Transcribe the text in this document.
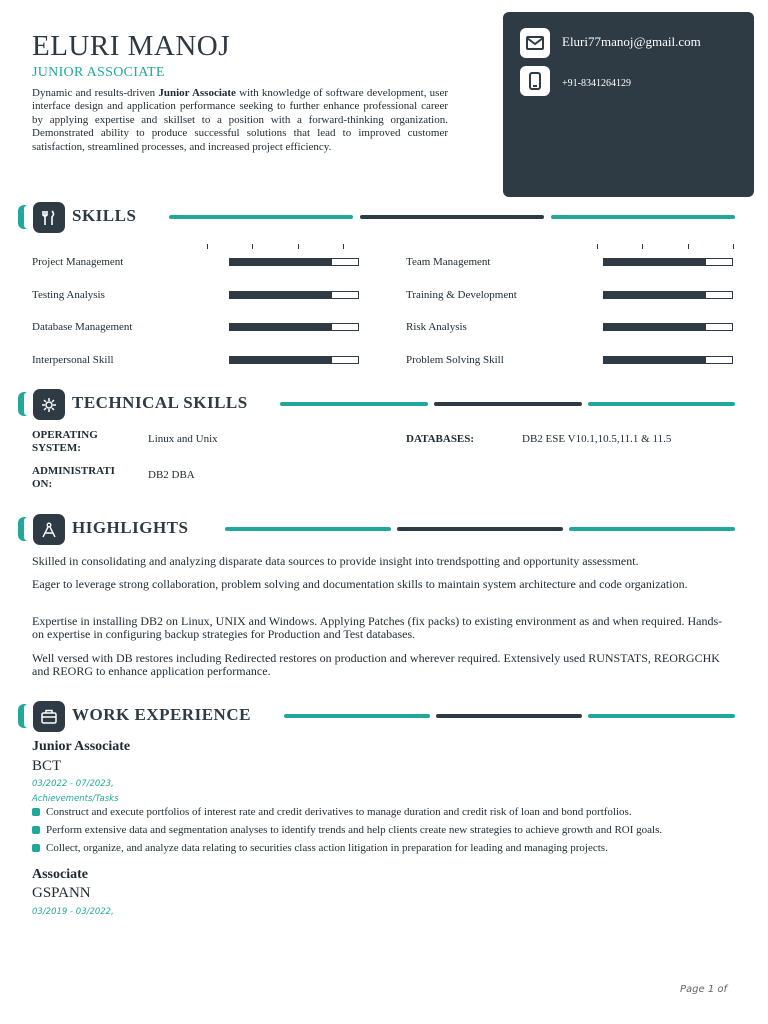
ELURI MANOJ
JUNIOR ASSOCIATE
Dynamic and results-driven Junior Associate with knowledge of software development, user interface design and application performance seeking to further enhance professional career by applying expertise and skillset to a position with a forward-thinking organization. Demonstrated ability to produce successful solutions that lead to improved customer satisfaction, streamlined processes, and increased project efficiency.
Eluri77manoj@gmail.com
+91-8341264129
SKILLS
Project Management	Team Management
Testing Analysis	Training & Development
Database Management	Risk Analysis
Interpersonal Skill	Problem Solving Skill
TECHNICAL SKILLS
OPERATING
SYSTEM:
Linux and Unix	DATABASES:	DB2 ESE V10.1,10.5,11.1 & 11.5
ADMINISTRATI
ON:
DB2 DBA
HIGHLIGHTS
Skilled in consolidating and analyzing disparate data sources to provide insight into trendspotting and opportunity assessment.
Eager to leverage strong collaboration, problem solving and documentation skills to maintain system architecture and code organization.
Expertise in installing DB2 on Linux, UNIX and Windows. Applying Patches (fix packs) to existing environment as and when required. Hands-on expertise in configuring backup strategies for Production and Test databases.
Well versed with DB restores including Redirected restores on production and wherever required. Extensively used RUNSTATS, REORGCHK and REORG to enhance application performance.
WORK EXPERIENCE
Junior Associate
BCT
03/2022 - 07/2023,
Achievements/Tasks
Construct and execute portfolios of interest rate and credit derivatives to manage duration and credit risk of loan and bond portfolios.
Perform extensive data and segmentation analyses to identify trends and help clients create new strategies to achieve growth and ROI goals.
Collect, organize, and analyze data relating to securities class action litigation in preparation for leading and managing projects.
Associate
GSPANN
03/2019 - 03/2022,
Page 1 of
